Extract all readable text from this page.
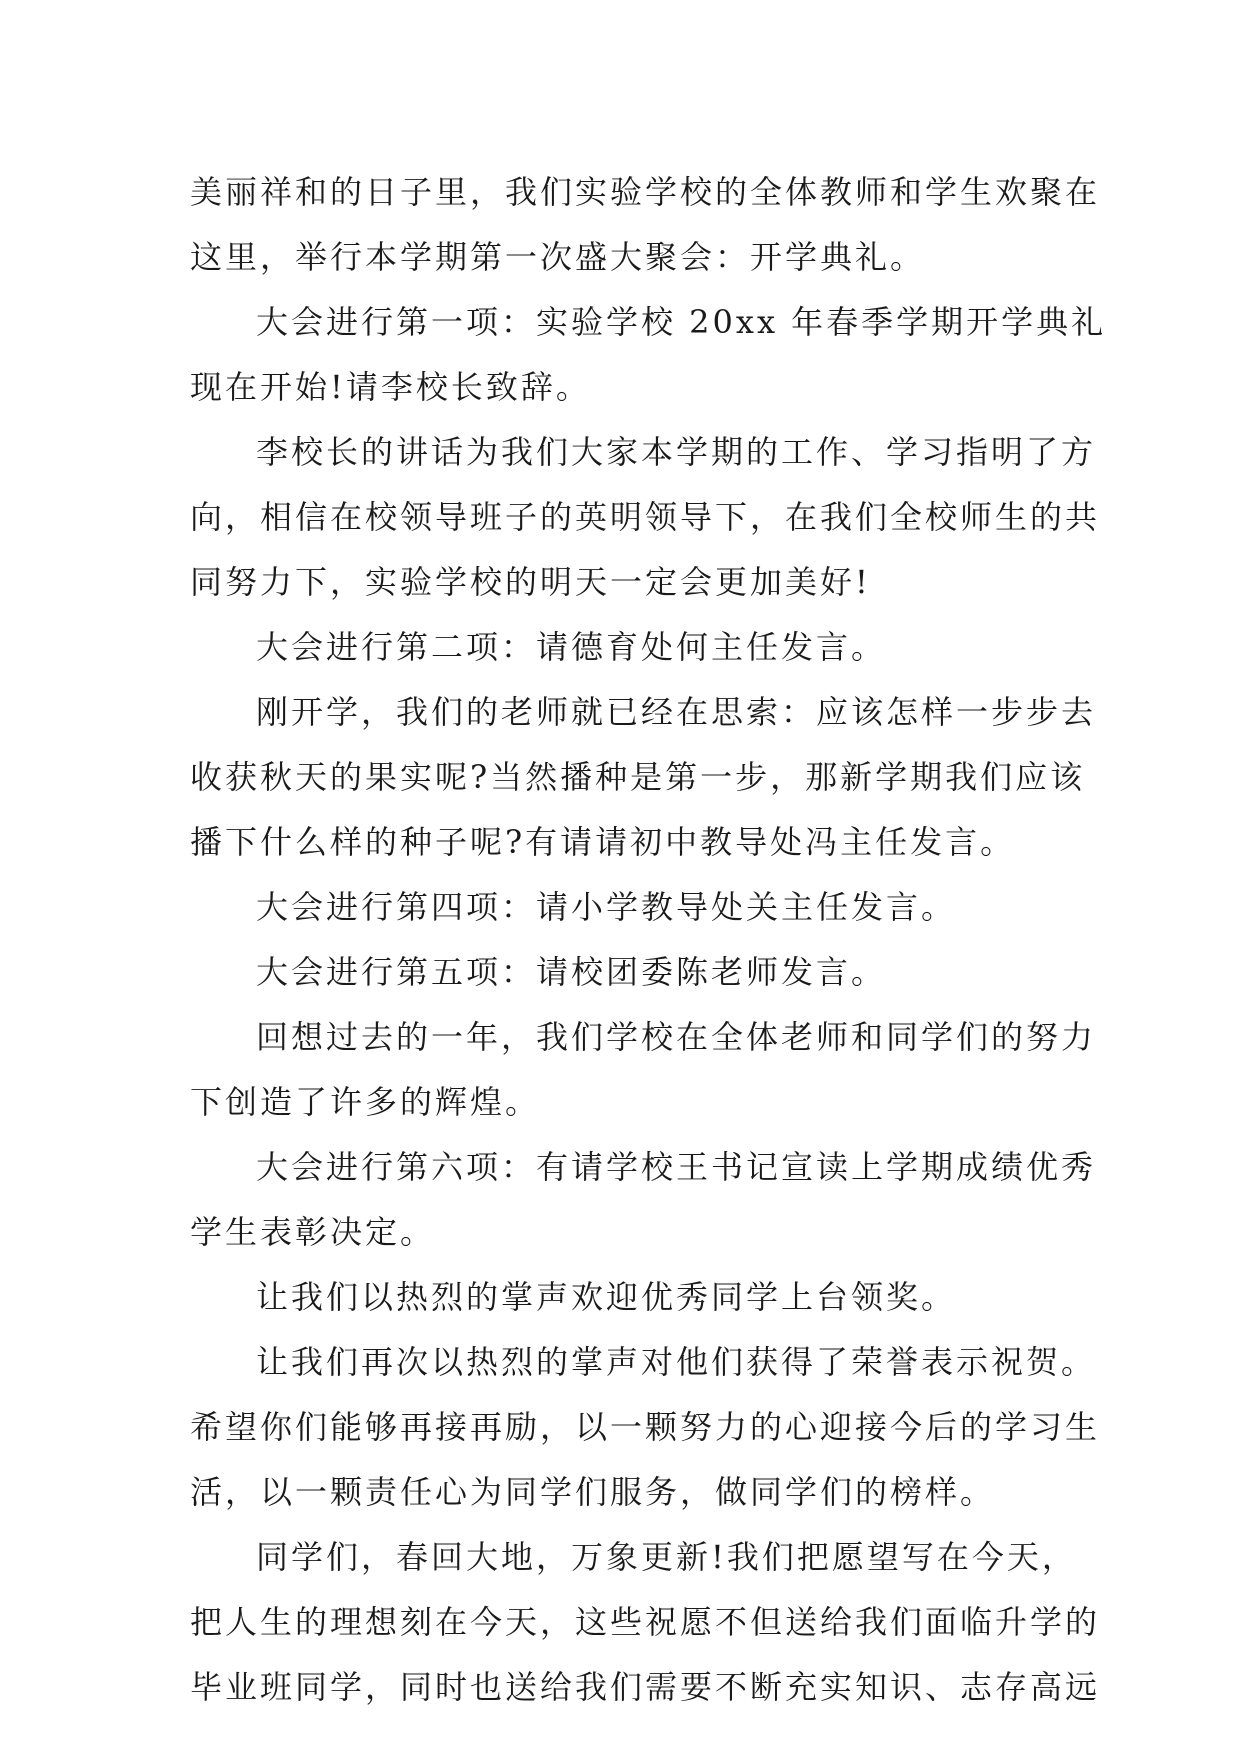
美丽祥和的日子里，我们实验学校的全体教师和学生欢聚在
这里，举行本学期第一次盛大聚会：开学典礼。
大会进行第一项：实验学校 20xx 年春季学期开学典礼
现在开始!请李校长致辞。
李校长的讲话为我们大家本学期的工作、学习指明了方
向，相信在校领导班子的英明领导下，在我们全校师生的共
同努力下，实验学校的明天一定会更加美好!
大会进行第二项：请德育处何主任发言。
刚开学，我们的老师就已经在思索：应该怎样一步步去
收获秋天的果实呢?当然播种是第一步，那新学期我们应该
播下什么样的种子呢?有请请初中教导处冯主任发言。
大会进行第四项：请小学教导处关主任发言。
大会进行第五项：请校团委陈老师发言。
回想过去的一年，我们学校在全体老师和同学们的努力
下创造了许多的辉煌。
大会进行第六项：有请学校王书记宣读上学期成绩优秀
学生表彰决定。
让我们以热烈的掌声欢迎优秀同学上台领奖。
让我们再次以热烈的掌声对他们获得了荣誉表示祝贺。
希望你们能够再接再励，以一颗努力的心迎接今后的学习生
活，以一颗责任心为同学们服务，做同学们的榜样。
同学们，春回大地，万象更新!我们把愿望写在今天，
把人生的理想刻在今天，这些祝愿不但送给我们面临升学的
毕业班同学，同时也送给我们需要不断充实知识、志存高远
